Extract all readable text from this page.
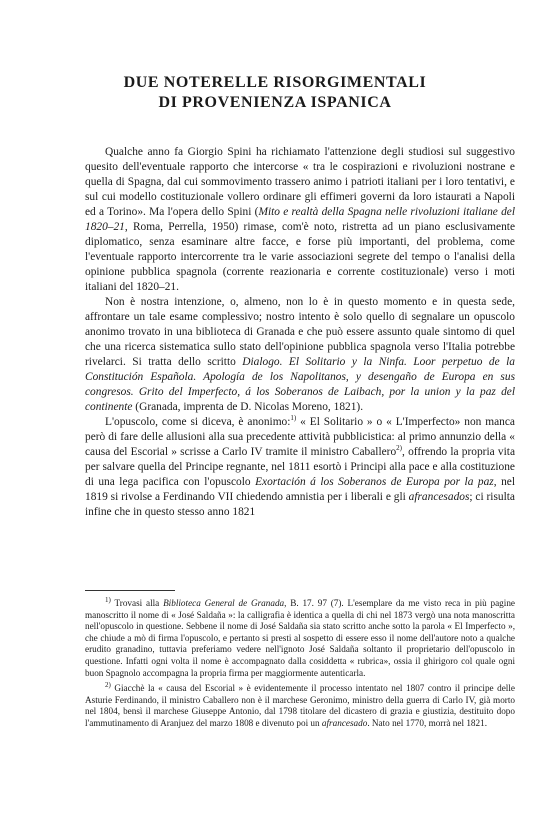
DUE NOTERELLE RISORGIMENTALI
DI PROVENIENZA ISPANICA

Qualche anno fa Giorgio Spini ha richiamato l'attenzione degli studiosi sul suggestivo quesito dell'eventuale rapporto che intercorse « tra le cospirazioni e rivoluzioni nostrane e quella di Spagna, dal cui sommovimento trassero animo i patrioti italiani per i loro tentativi, e sul cui modello costituzionale vollero ordinare gli effimeri governi da loro istaurati a Napoli ed a Torino». Ma l'opera dello Spini (Mito e realtà della Spagna nelle rivoluzioni italiane del 1820–21, Roma, Perrella, 1950) rimase, com'è noto, ristretta ad un piano esclusivamente diplomatico, senza esaminare altre facce, e forse più importanti, del problema, come l'eventuale rapporto intercorrente tra le varie associazioni segrete del tempo o l'analisi della opinione pubblica spagnola (corrente reazionaria e corrente costituzionale) verso i moti italiani del 1820–21.

Non è nostra intenzione, o, almeno, non lo è in questo momento e in questa sede, affrontare un tale esame complessivo; nostro intento è solo quello di segnalare un opuscolo anonimo trovato in una biblioteca di Granada e che può essere assunto quale sintomo di quel che una ricerca sistematica sullo stato dell'opinione pubblica spagnola verso l'Italia potrebbe rivelarci. Si tratta dello scritto Dialogo. El Solitario y la Ninfa. Loor perpetuo de la Constitución Española. Apología de los Napolitanos, y desengaño de Europa en sus congresos. Grito del Imperfecto, á los Soberanos de Laibach, por la union y la paz del continente (Granada, imprenta de D. Nicolas Moreno, 1821).

L'opuscolo, come si diceva, è anonimo:$^{1)}$ « El Solitario » o « L'Imperfecto» non manca però di fare delle allusioni alla sua precedente attività pubblicistica: al primo annunzio della « causa del Escorial » scrisse a Carlo IV tramite il ministro Caballero$^{2)}$, offrendo la propria vita per salvare quella del Principe regnante, nel 1811 esortò i Principi alla pace e alla costituzione di una lega pacifica con l'opuscolo Exortación á los Soberanos de Europa por la paz, nel 1819 si rivolse a Ferdinando VII chiedendo amnistia per i liberali e gli afrancesados; ci risulta infine che in questo stesso anno 1821

$^{1)}$ Trovasi alla Biblioteca General de Granada, B. 17. 97 (7). L'esemplare da me visto reca in più pagine manoscritto il nome di « José Saldaña »: la calligrafia è identica a quella di chi nel 1873 vergò una nota manoscritta nell'opuscolo in questione. Sebbene il nome di José Saldaña sia stato scritto anche sotto la parola « El Imperfecto », che chiude a mò di firma l'opuscolo, e pertanto si presti al sospetto di essere esso il nome dell'autore noto a qualche erudito granadino, tuttavia preferiamo vedere nell'ignoto José Saldaña soltanto il proprietario dell'opuscolo in questione. Infatti ogni volta il nome è accompagnato dalla cosiddetta « rubrica», ossia il ghirigoro col quale ogni buon Spagnolo accompagna la propria firma per maggiormente autenticarla.

$^{2)}$ Giacchè la « causa del Escorial » è evidentemente il processo intentato nel 1807 contro il principe delle Asturie Ferdinando, il ministro Caballero non è il marchese Geronimo, ministro della guerra di Carlo IV, già morto nel 1804, bensì il marchese Giuseppe Antonio, dal 1798 titolare del dicastero di grazia e giustizia, destituito dopo l'ammutinamento di Aranjuez del marzo 1808 e divenuto poi un afrancesado. Nato nel 1770, morrà nel 1821.
